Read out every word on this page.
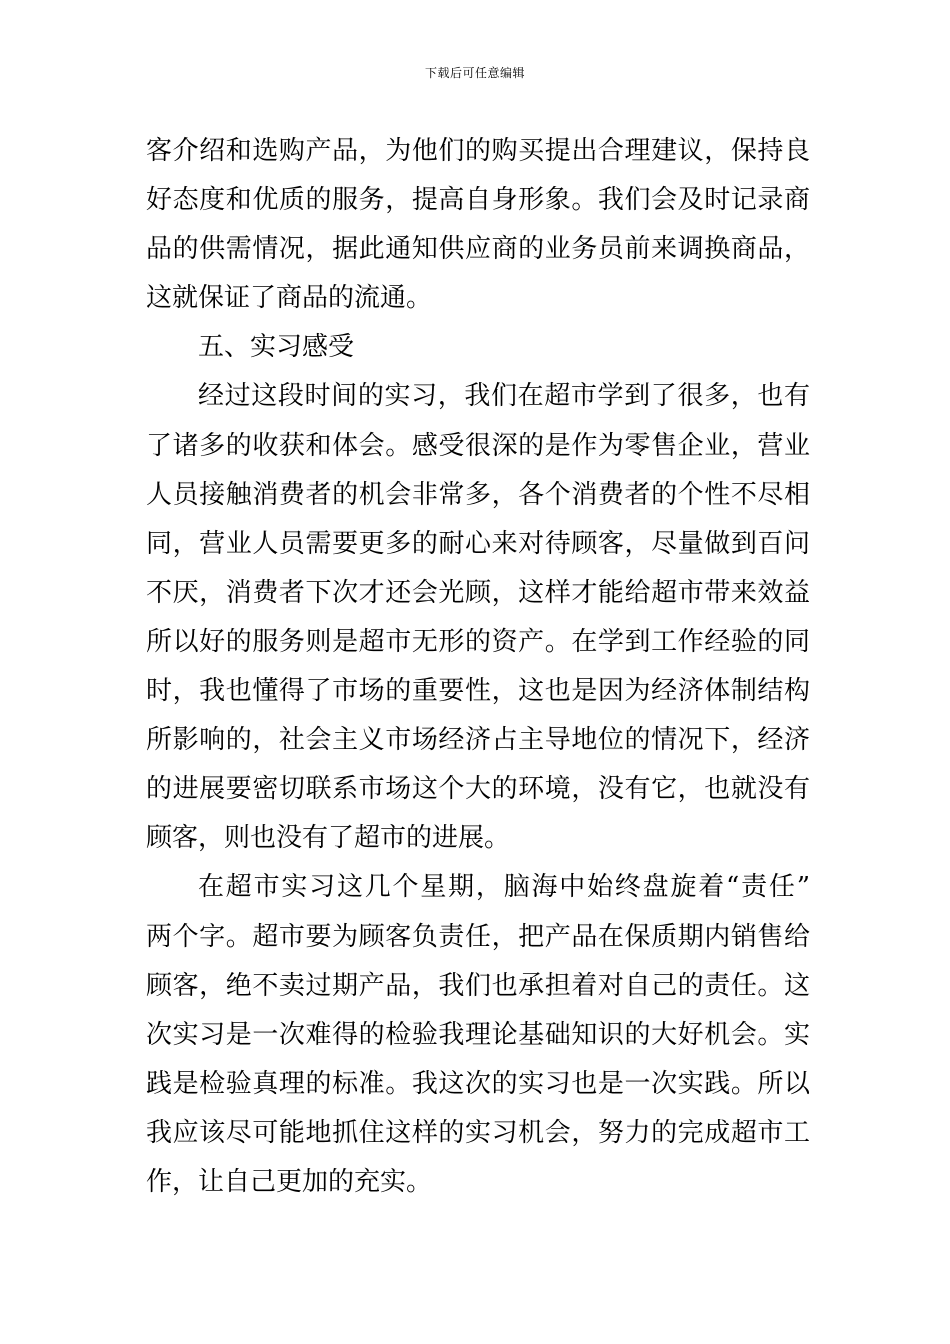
下载后可任意编辑
客介绍和选购产品，为他们的购买提出合理建议，保持良
好态度和优质的服务，提高自身形象。我们会及时记录商
品的供需情况，据此通知供应商的业务员前来调换商品，
这就保证了商品的流通。
五、实习感受
经过这段时间的实习，我们在超市学到了很多，也有
了诸多的收获和体会。感受很深的是作为零售企业，营业
人员接触消费者的机会非常多，各个消费者的个性不尽相
同，营业人员需要更多的耐心来对待顾客，尽量做到百问
不厌，消费者下次才还会光顾，这样才能给超市带来效益
所以好的服务则是超市无形的资产。在学到工作经验的同
时，我也懂得了市场的重要性，这也是因为经济体制结构
所影响的，社会主义市场经济占主导地位的情况下，经济
的进展要密切联系市场这个大的环境，没有它，也就没有
顾客，则也没有了超市的进展。
在超市实习这几个星期，脑海中始终盘旋着“责任”
两个字。超市要为顾客负责任，把产品在保质期内销售给
顾客，绝不卖过期产品，我们也承担着对自己的责任。这
次实习是一次难得的检验我理论基础知识的大好机会。实
践是检验真理的标准。我这次的实习也是一次实践。所以
我应该尽可能地抓住这样的实习机会，努力的完成超市工
作，让自己更加的充实。
